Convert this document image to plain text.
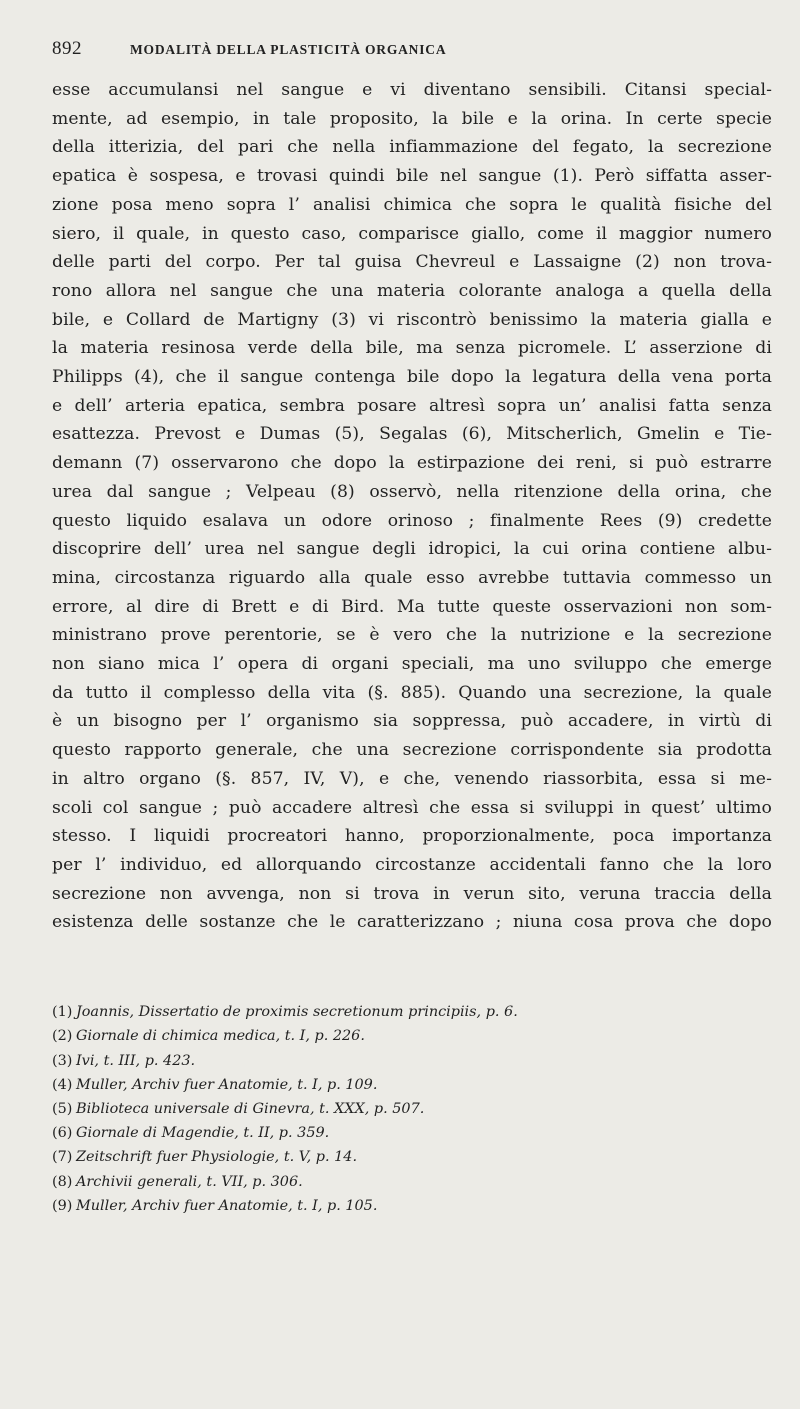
892	MODALITÀ DELLA PLASTICITÀ ORGANICA
esse accumulansi nel sangue e vi diventano sensibili. Citansi special-
mente, ad esempio, in tale proposito, la bile e la orina. In certe specie
della itterizia, del pari che nella infiammazione del fegato, la secrezione
epatica è sospesa, e trovasi quindi bile nel sangue (1). Però siffatta asser-
zione posa meno sopra l’ analisi chimica che sopra le qualità fisiche del
siero, il quale, in questo caso, comparisce giallo, come il maggior numero
delle parti del corpo. Per tal guisa Chevreul e Lassaigne (2) non trova-
rono allora nel sangue che una materia colorante analoga a quella della
bile, e Collard de Martigny (3) vi riscontrò benissimo la materia gialla e
la materia resinosa verde della bile, ma senza picromele. L’ asserzione di
Philipps (4), che il sangue contenga bile dopo la legatura della vena porta
e dell’ arteria epatica, sembra posare altresì sopra un’ analisi fatta senza
esattezza. Prevost e Dumas (5), Segalas (6), Mitscherlich, Gmelin e Tie-
demann (7) osservarono che dopo la estirpazione dei reni, si può estrarre
urea dal sangue ; Velpeau (8) osservò, nella ritenzione della orina, che
questo liquido esalava un odore orinoso ; finalmente Rees (9) credette
discoprire dell’ urea nel sangue degli idropici, la cui orina contiene albu-
mina, circostanza riguardo alla quale esso avrebbe tuttavia commesso un
errore, al dire di Brett e di Bird. Ma tutte queste osservazioni non som-
ministrano prove perentorie, se è vero che la nutrizione e la secrezione
non siano mica l’ opera di organi speciali, ma uno sviluppo che emerge
da tutto il complesso della vita (§. 885). Quando una secrezione, la quale
è un bisogno per l’ organismo sia soppressa, può accadere, in virtù di
questo rapporto generale, che una secrezione corrispondente sia prodotta
in altro organo (§. 857, IV, V), e che, venendo riassorbita, essa si me-
scoli col sangue ; può accadere altresì che essa si sviluppi in quest’ ultimo
stesso. I liquidi procreatori hanno, proporzionalmente, poca importanza
per l’ individuo, ed allorquando circostanze accidentali fanno che la loro
secrezione non avvenga, non si trova in verun sito, veruna traccia della
esistenza delle sostanze che le caratterizzano ; niuna cosa prova che dopo
(1) Joannis, Dissertatio de proximis secretionum principiis, p. 6.
(2) Giornale di chimica medica, t. I, p. 226.
(3) Ivi, t. III, p. 423.
(4) Muller, Archiv fuer Anatomie, t. I, p. 109.
(5) Biblioteca universale di Ginevra, t. XXX, p. 507.
(6) Giornale di Magendie, t. II, p. 359.
(7) Zeitschrift fuer Physiologie, t. V, p. 14.
(8) Archivii generali, t. VII, p. 306.
(9) Muller, Archiv fuer Anatomie, t. I, p. 105.
